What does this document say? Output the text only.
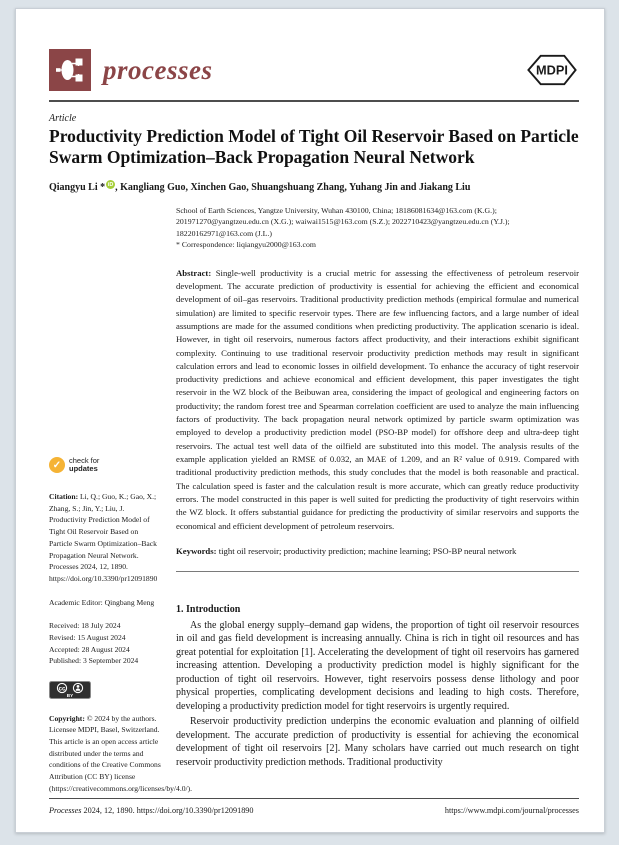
processes	MDPI
Article
Productivity Prediction Model of Tight Oil Reservoir Based on Particle Swarm Optimization–Back Propagation Neural Network
Qiangyu Li * iD , Kangliang Guo, Xinchen Gao, Shuangshuang Zhang, Yuhang Jin and Jiakang Liu
✓	check for
updates
Citation: Li, Q.; Guo, K.; Gao, X.; Zhang, S.; Jin, Y.; Liu, J. Productivity Prediction Model of Tight Oil Reservoir Based on Particle Swarm Optimization–Back Propagation Neural Network. Processes 2024, 12, 1890. https://doi.org/10.3390/pr12091890
Academic Editor: Qingbang Meng
Received: 18 July 2024
Revised: 15 August 2024
Accepted: 28 August 2024
Published: 3 September 2024
cc
BY
Copyright: © 2024 by the authors. Licensee MDPI, Basel, Switzerland. This article is an open access article distributed under the terms and conditions of the Creative Commons Attribution (CC BY) license (https://creativecommons.org/licenses/by/4.0/).
School of Earth Sciences, Yangtze University, Wuhan 430100, China; 18186081634@163.com (K.G.); 201971270@yangtzeu.edu.cn (X.G.); waiwai1515@163.com (S.Z.); 2022710423@yangtzeu.edu.cn (Y.J.); 18220162971@163.com (J.L.)
* Correspondence: liqiangyu2000@163.com
Abstract: Single-well productivity is a crucial metric for assessing the effectiveness of petroleum reservoir development. The accurate prediction of productivity is essential for achieving the efficient and economical development of oil–gas reservoirs. Traditional productivity prediction methods (empirical formulae and numerical simulation) are limited to specific reservoir types. There are few influencing factors, and a large number of ideal assumptions are made for the assumed conditions when predicting productivity. The application scenario is ideal. However, in tight oil reservoirs, numerous factors affect productivity, and their interactions exhibit significant complexity. Continuing to use traditional reservoir productivity prediction methods may result in significant calculation errors and lead to economic losses in oilfield development. To enhance the accuracy of tight reservoir productivity predictions and achieve economical and efficient development, this paper investigates the tight reservoir in the WZ block of the Beibuwan area, considering the impact of geological and engineering factors on productivity; the random forest tree and Spearman correlation coefficient are used to analyze the main influencing factors of productivity. The back propagation neural network optimized by particle swarm optimization was employed to develop a productivity prediction model (PSO-BP model) for offshore deep and ultra-deep tight reservoirs. The actual test well data of the oilfield are substituted into this model. The analysis results of the example application yielded an RMSE of 0.032, an MAE of 1.209, and an R² value of 0.919. Compared with traditional productivity prediction methods, this study concludes that the model is both reasonable and practical. The calculation speed is faster and the calculation result is more accurate, which can greatly reduce productivity errors. The model constructed in this paper is well suited for predicting the productivity of tight reservoirs within the WZ block. It offers substantial guidance for predicting the productivity of similar reservoirs and supports the economical and efficient development of petroleum reservoirs.
Keywords: tight oil reservoir; productivity prediction; machine learning; PSO-BP neural network
1. Introduction

As the global energy supply–demand gap widens, the proportion of tight oil reservoir resources in oil and gas field development is increasing annually. China is rich in tight oil resources and has great potential for exploitation [1]. Accelerating the development of tight oil reservoirs has garnered increasing attention. Developing a productivity prediction model is highly significant for the production of tight oil reservoirs. However, tight reservoirs possess dense lithology and poor physical properties, complicating development decisions and leading to high costs. Therefore, developing a productivity prediction model for tight reservoirs is urgently required.

Reservoir productivity prediction underpins the economic evaluation and planning of oilfield development. The accurate prediction of productivity is essential for achieving the economical development of tight oil reservoirs [2]. Many scholars have carried out much research on tight reservoir productivity prediction methods. Traditional productivity

Processes 2024, 12, 1890. https://doi.org/10.3390/pr12091890	https://www.mdpi.com/journal/processes
